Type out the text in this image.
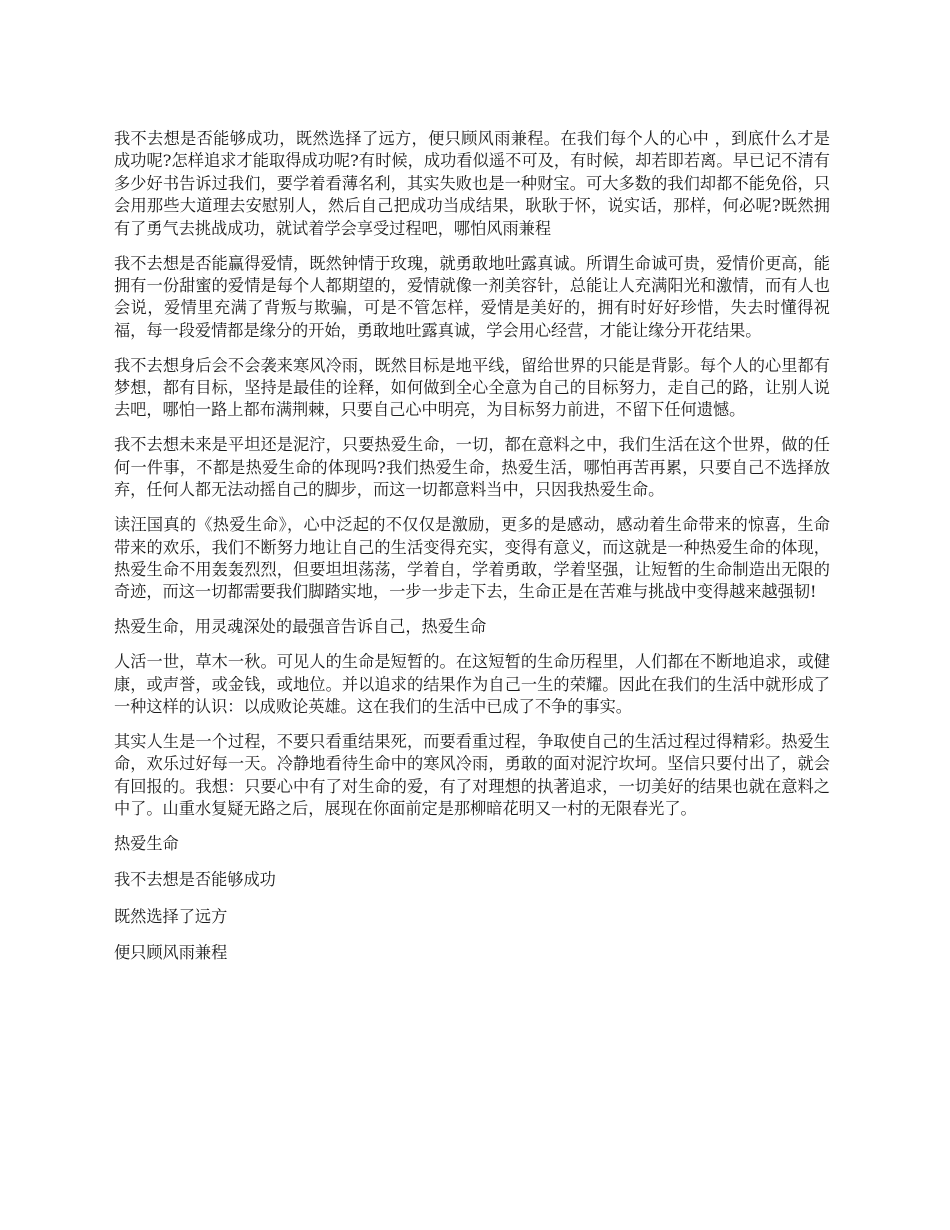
我不去想是否能够成功，既然选择了远方，便只顾风雨兼程。在我们每个人的心中 ，到底什么才是成功呢?怎样追求才能取得成功呢?有时候，成功看似遥不可及，有时候，却若即若离。早已记不清有多少好书告诉过我们，要学着看薄名利，其实失败也是一种财宝。可大多数的我们却都不能免俗，只会用那些大道理去安慰别人，然后自己把成功当成结果，耿耿于怀，说实话，那样，何必呢?既然拥有了勇气去挑战成功，就试着学会享受过程吧，哪怕风雨兼程

我不去想是否能赢得爱情，既然钟情于玫瑰，就勇敢地吐露真诚。所谓生命诚可贵，爱情价更高，能拥有一份甜蜜的爱情是每个人都期望的，爱情就像一剂美容针，总能让人充满阳光和激情，而有人也会说，爱情里充满了背叛与欺骗，可是不管怎样，爱情是美好的，拥有时好好珍惜，失去时懂得祝福，每一段爱情都是缘分的开始，勇敢地吐露真诚，学会用心经营，才能让缘分开花结果。

我不去想身后会不会袭来寒风冷雨，既然目标是地平线，留给世界的只能是背影。每个人的心里都有梦想，都有目标，坚持是最佳的诠释，如何做到全心全意为自己的目标努力，走自己的路，让别人说去吧，哪怕一路上都布满荆棘，只要自己心中明亮，为目标努力前进，不留下任何遗憾。

我不去想未来是平坦还是泥泞，只要热爱生命，一切，都在意料之中，我们生活在这个世界，做的任何一件事，不都是热爱生命的体现吗?我们热爱生命，热爱生活，哪怕再苦再累，只要自己不选择放弃，任何人都无法动摇自己的脚步，而这一切都意料当中，只因我热爱生命。

读汪国真的《热爱生命》，心中泛起的不仅仅是激励，更多的是感动，感动着生命带来的惊喜，生命带来的欢乐，我们不断努力地让自己的生活变得充实，变得有意义，而这就是一种热爱生命的体现，热爱生命不用轰轰烈烈，但要坦坦荡荡，学着自，学着勇敢，学着坚强，让短暂的生命制造出无限的奇迹，而这一切都需要我们脚踏实地，一步一步走下去，生命正是在苦难与挑战中变得越来越强韧!

热爱生命，用灵魂深处的最强音告诉自己，热爱生命

人活一世，草木一秋。可见人的生命是短暂的。在这短暂的生命历程里，人们都在不断地追求，或健康，或声誉，或金钱，或地位。并以追求的结果作为自己一生的荣耀。因此在我们的生活中就形成了一种这样的认识：以成败论英雄。这在我们的生活中已成了不争的事实。

其实人生是一个过程，不要只看重结果死，而要看重过程，争取使自己的生活过程过得精彩。热爱生命，欢乐过好每一天。冷静地看待生命中的寒风冷雨，勇敢的面对泥泞坎坷。坚信只要付出了，就会有回报的。我想：只要心中有了对生命的爱，有了对理想的执著追求，一切美好的结果也就在意料之中了。山重水复疑无路之后，展现在你面前定是那柳暗花明又一村的无限春光了。

热爱生命

我不去想是否能够成功

既然选择了远方

便只顾风雨兼程
